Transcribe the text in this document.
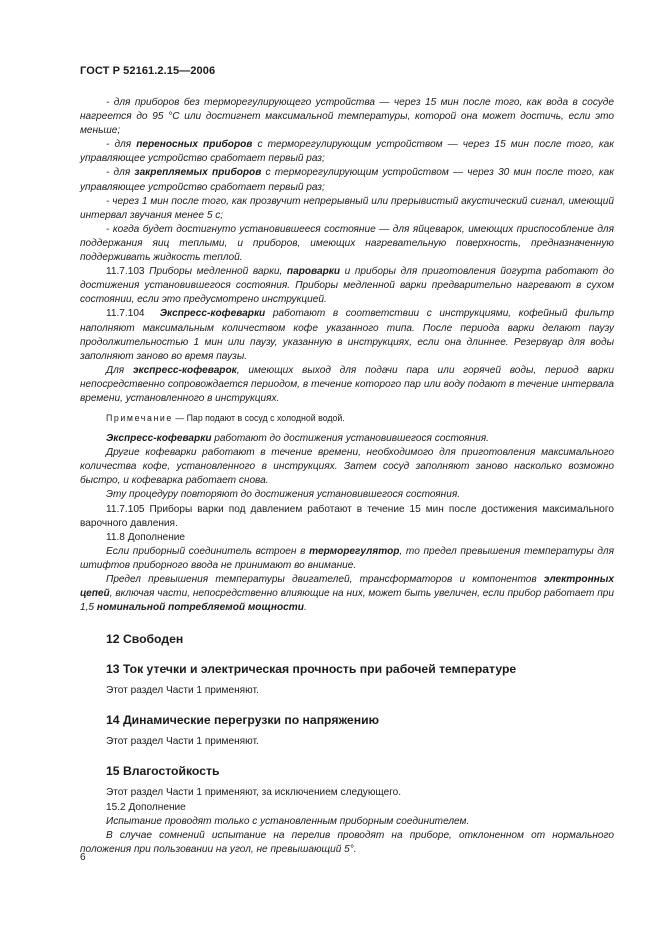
ГОСТ Р 52161.2.15—2006

- для приборов без терморегулирующего устройства — через 15 мин после того, как вода в сосуде нагреется до 95 °С или достигнет максимальной температуры, которой она может достичь, если это меньше;

- для переносных приборов с терморегулирующим устройством — через 15 мин после того, как управляющее устройство сработает первый раз;

- для закрепляемых приборов с терморегулирующим устройством — через 30 мин после того, как управляющее устройство сработает первый раз;

- через 1 мин после того, как прозвучит непрерывный или прерывистый акустический сигнал, имеющий интервал звучания менее 5 с;

- когда будет достигнуто установившееся состояние — для яйцеварок, имеющих приспособление для поддержания яиц теплыми, и приборов, имеющих нагревательную поверхность, предназначенную поддерживать жидкость теплой.

11.7.103 Приборы медленной варки, пароварки и приборы для приготовления йогурта работают до достижения установившегося состояния. Приборы медленной варки предварительно нагревают в сухом состоянии, если это предусмотрено инструкцией.

11.7.104 Экспресс-кофеварки работают в соответствии с инструкциями, кофейный фильтр наполняют максимальным количеством кофе указанного типа. После периода варки делают паузу продолжительностью 1 мин или паузу, указанную в инструкциях, если она длиннее. Резервуар для воды заполняют заново во время паузы.

Для экспресс-кофеварок, имеющих выход для подачи пара или горячей воды, период варки непосредственно сопровождается периодом, в течение которого пар или воду подают в течение интервала времени, установленного в инструкциях.

Примечание — Пар подают в сосуд с холодной водой.

Экспресс-кофеварки работают до достижения установившегося состояния.

Другие кофеварки работают в течение времени, необходимого для приготовления максимального количества кофе, установленного в инструкциях. Затем сосуд заполняют заново насколько возможно быстро, и кофеварка работает снова.

Эту процедуру повторяют до достижения установившегося состояния.

11.7.105 Приборы варки под давлением работают в течение 15 мин после достижения максимального варочного давления.

11.8 Дополнение

Если приборный соединитель встроен в терморегулятор, то предел превышения температуры для штифтов приборного ввода не принимают во внимание.

Предел превышения температуры двигателей, трансформаторов и компонентов электронных цепей, включая части, непосредственно влияющие на них, может быть увеличен, если прибор работает при 1,5 номинальной потребляемой мощности.

12 Свободен

13 Ток утечки и электрическая прочность при рабочей температуре

Этот раздел Части 1 применяют.

14 Динамические перегрузки по напряжению

Этот раздел Части 1 применяют.

15 Влагостойкость

Этот раздел Части 1 применяют, за исключением следующего.

15.2 Дополнение

Испытание проводят только с установленным приборным соединителем.

В случае сомнений испытание на перелив проводят на приборе, отклоненном от нормального положения при пользовании на угол, не превышающий 5°.

6
